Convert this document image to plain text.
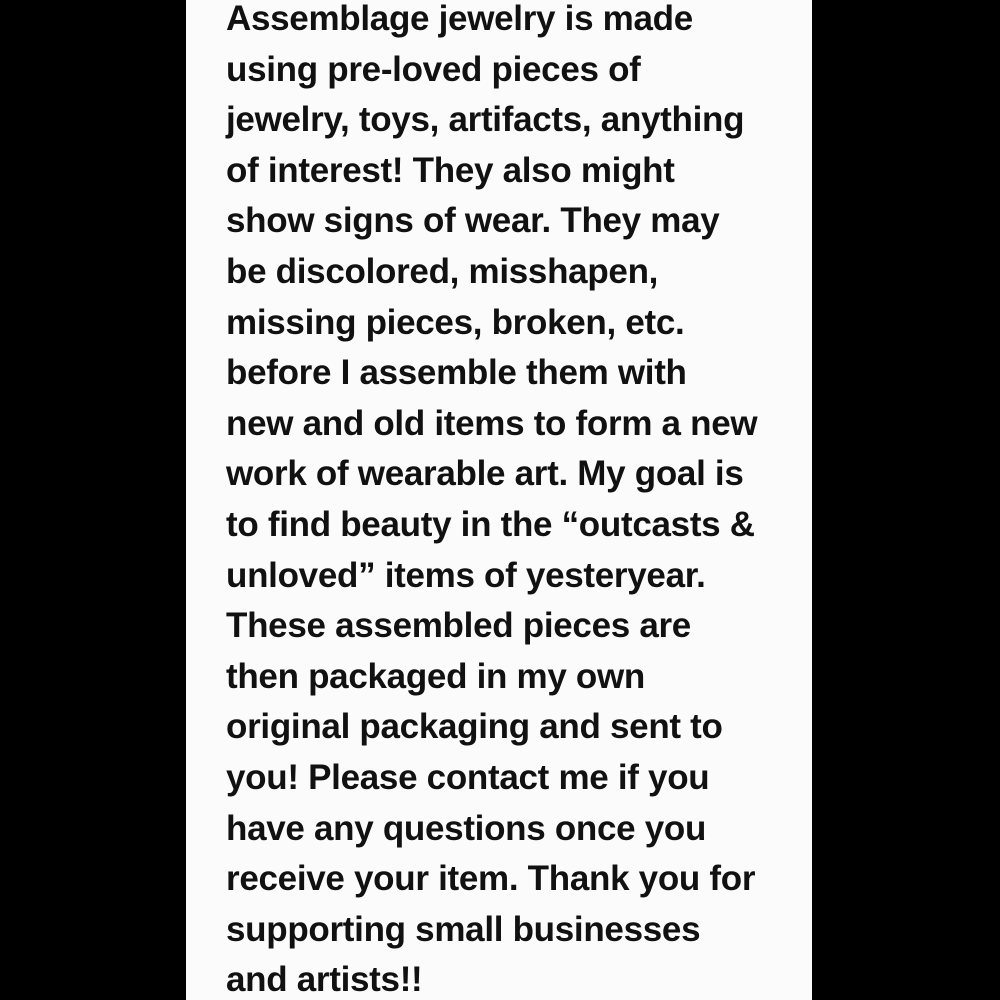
Assemblage jewelry is made
using pre-loved pieces of
jewelry, toys, artifacts, anything
of interest! They also might
show signs of wear. They may
be discolored, misshapen,
missing pieces, broken, etc.
before I assemble them with
new and old items to form a new
work of wearable art. My goal is
to find beauty in the “outcasts &
unloved” items of yesteryear.
These assembled pieces are
then packaged in my own
original packaging and sent to
you! Please contact me if you
have any questions once you
receive your item. Thank you for
supporting small businesses
and artists!!
